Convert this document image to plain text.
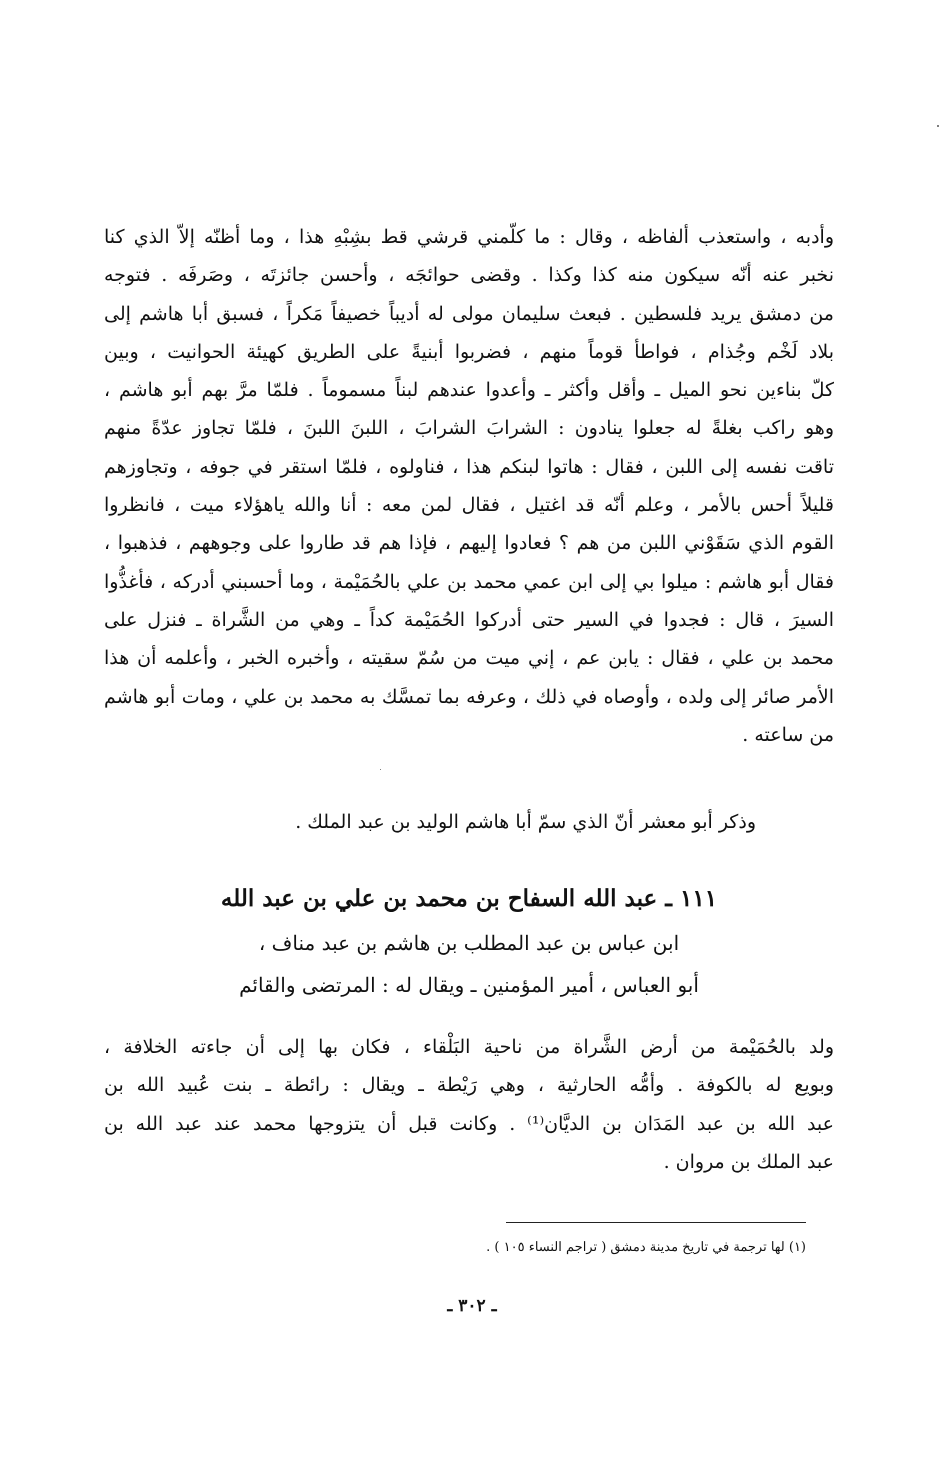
وأدبه ، واستعذب ألفاظه ، وقال : ما كلّمني قرشي قط بشِبْهِ هذا ، وما أظنّه إلاّ الذي كنا
نخبر عنه أنّه سيكون منه كذا وكذا . وقضى حوائجَه ، وأحسن جائزتَه ، وصَرفَه . فتوجه
من دمشق يريد فلسطين . فبعث سليمان مولى له أديباً خصيفاً مَكراً ، فسبق أبا هاشم إلى
بلاد لَخْم وجُذام ، فواطأ قوماً منهم ، فضربوا أبنيةً على الطريق كهيئة الحوانيت ، وبين
كلّ بناءين نحو الميل ـ وأقل وأكثر ـ وأعدوا عندهم لبناً مسموماً . فلمّا مرَّ بهم أبو هاشم ،
وهو راكب بغلةً له جعلوا ينادون : الشرابَ الشرابَ ، اللبنَ اللبنَ ، فلمّا تجاوز عدّةً منهم
تاقت نفسه إلى اللبن ، فقال : هاتوا لبنكم هذا ، فناولوه ، فلمّا استقر في جوفه ، وتجاوزهم
قليلاً أحس بالأمر ، وعلم أنّه قد اغتيل ، فقال لمن معه : أنا والله ياهؤلاء ميت ، فانظروا
القوم الذي سَقَوْني اللبن من هم ؟ فعادوا إليهم ، فإذا هم قد طاروا على وجوههم ، فذهبوا ،
فقال أبو هاشم : ميلوا بي إلى ابن عمي محمد بن علي بالحُمَيْمة ، وما أحسبني أدركه ، فأغذُّوا
السيرَ ، قال : فجدوا في السير حتى أدركوا الحُمَيْمة كداً ـ وهي من الشَّراة ـ فنزل على
محمد بن علي ، فقال : يابن عم ، إني ميت من سُمّ سقيته ، وأخبره الخبر ، وأعلمه أن هذا
الأمر صائر إلى ولده ، وأوصاه في ذلك ، وعرفه بما تمسَّك به محمد بن علي ، ومات أبو هاشم
من ساعته .
وذكر أبو معشر أنّ الذي سمّ أبا هاشم الوليد بن عبد الملك .
١١١ ـ عبد الله السفاح بن محمد بن علي بن عبد الله
ابن عباس بن عبد المطلب بن هاشم بن عبد مناف ،
أبو العباس ، أمير المؤمنين ـ ويقال له : المرتضى والقائم
ولد بالحُمَيْمة من أرض الشَّراة من ناحية البَلْقاء ، فكان بها إلى أن جاءته الخلافة ،
وبويع له بالكوفة . وأمُّه الحارثية ، وهي رَيْطة ـ ويقال : رائطة ـ بنت عُبيد الله بن
عبد الله بن عبد المَدَان بن الديَّان⁽¹⁾ . وكانت قبل أن يتزوجها محمد عند عبد الله بن
عبد الملك بن مروان .
(١) لها ترجمة في تاريخ مدينة دمشق ( تراجم النساء ١٠٥ ) .
ـ ٣٠٢ ـ
